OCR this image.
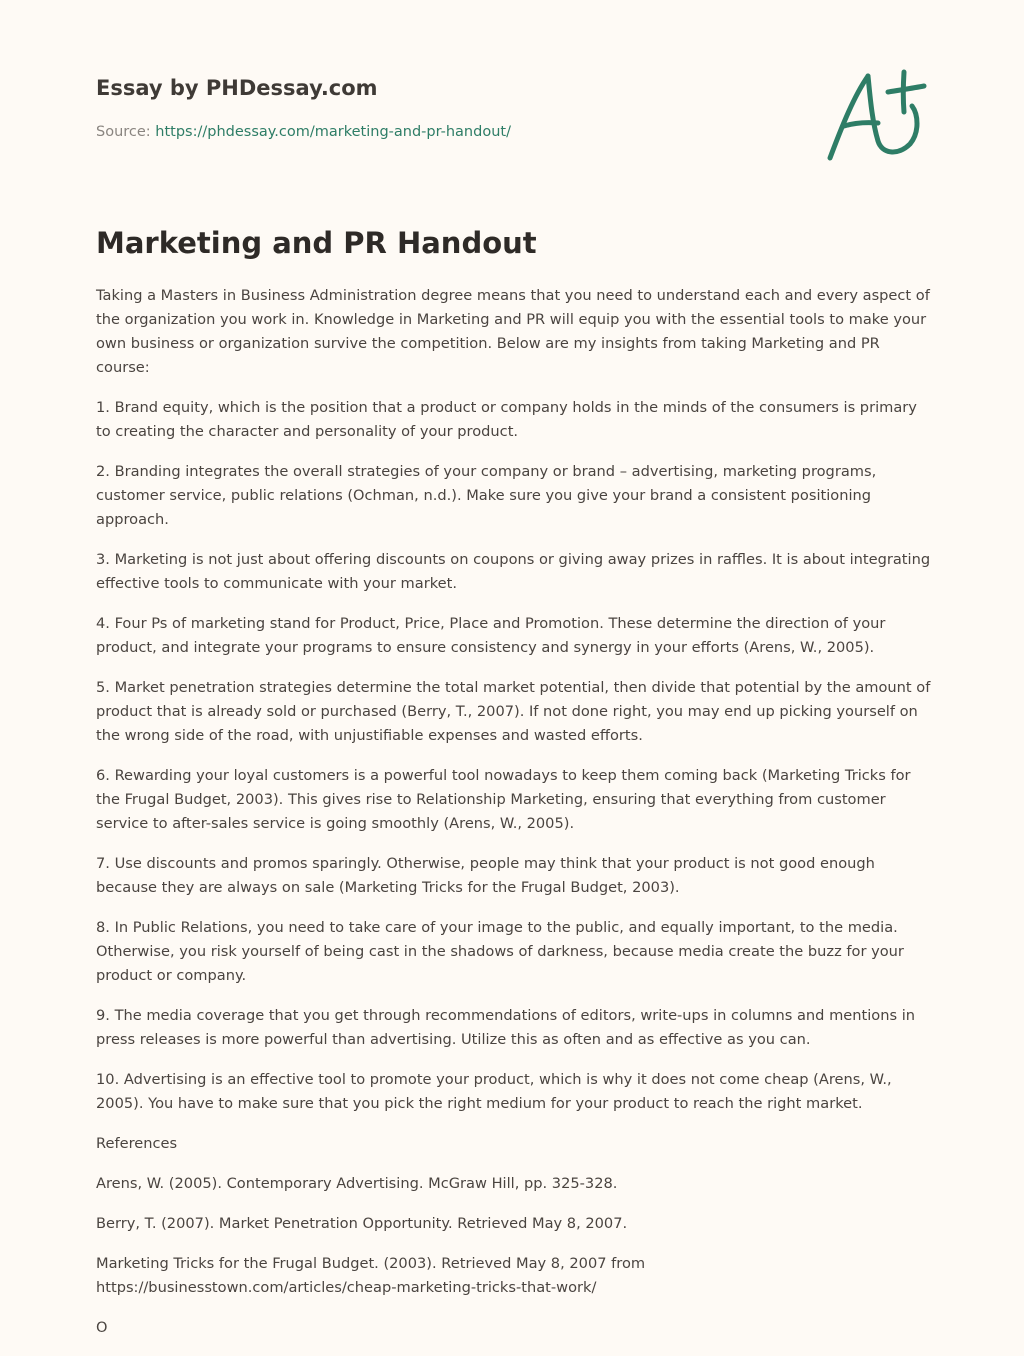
Essay by PHDessay.com
Source: https://phdessay.com/marketing-and-pr-handout/
Marketing and PR Handout

Taking a Masters in Business Administration degree means that you need to understand each and every aspect of the organization you work in. Knowledge in Marketing and PR will equip you with the essential tools to make your own business or organization survive the competition. Below are my insights from taking Marketing and PR course:

1. Brand equity, which is the position that a product or company holds in the minds of the consumers is primary to creating the character and personality of your product.

2. Branding integrates the overall strategies of your company or brand – advertising, marketing programs, customer service, public relations (Ochman, n.d.). Make sure you give your brand a consistent positioning approach.

3. Marketing is not just about offering discounts on coupons or giving away prizes in raffles. It is about integrating effective tools to communicate with your market.

4. Four Ps of marketing stand for Product, Price, Place and Promotion. These determine the direction of your product, and integrate your programs to ensure consistency and synergy in your efforts (Arens, W., 2005).

5. Market penetration strategies determine the total market potential, then divide that potential by the amount of product that is already sold or purchased (Berry, T., 2007). If not done right, you may end up picking yourself on the wrong side of the road, with unjustifiable expenses and wasted efforts.

6. Rewarding your loyal customers is a powerful tool nowadays to keep them coming back (Marketing Tricks for the Frugal Budget, 2003). This gives rise to Relationship Marketing, ensuring that everything from customer service to after-sales service is going smoothly (Arens, W., 2005).

7. Use discounts and promos sparingly. Otherwise, people may think that your product is not good enough because they are always on sale (Marketing Tricks for the Frugal Budget, 2003).

8. In Public Relations, you need to take care of your image to the public, and equally important, to the media. Otherwise, you risk yourself of being cast in the shadows of darkness, because media create the buzz for your product or company.

9. The media coverage that you get through recommendations of editors, write-ups in columns and mentions in press releases is more powerful than advertising. Utilize this as often and as effective as you can.

10. Advertising is an effective tool to promote your product, which is why it does not come cheap (Arens, W., 2005). You have to make sure that you pick the right medium for your product to reach the right market.

References

Arens, W. (2005). Contemporary Advertising. McGraw Hill, pp. 325-328.

Berry, T. (2007). Market Penetration Opportunity. Retrieved May 8, 2007.

Marketing Tricks for the Frugal Budget. (2003). Retrieved May 8, 2007 from https://businesstown.com/articles/cheap-marketing-tricks-that-work/

O
